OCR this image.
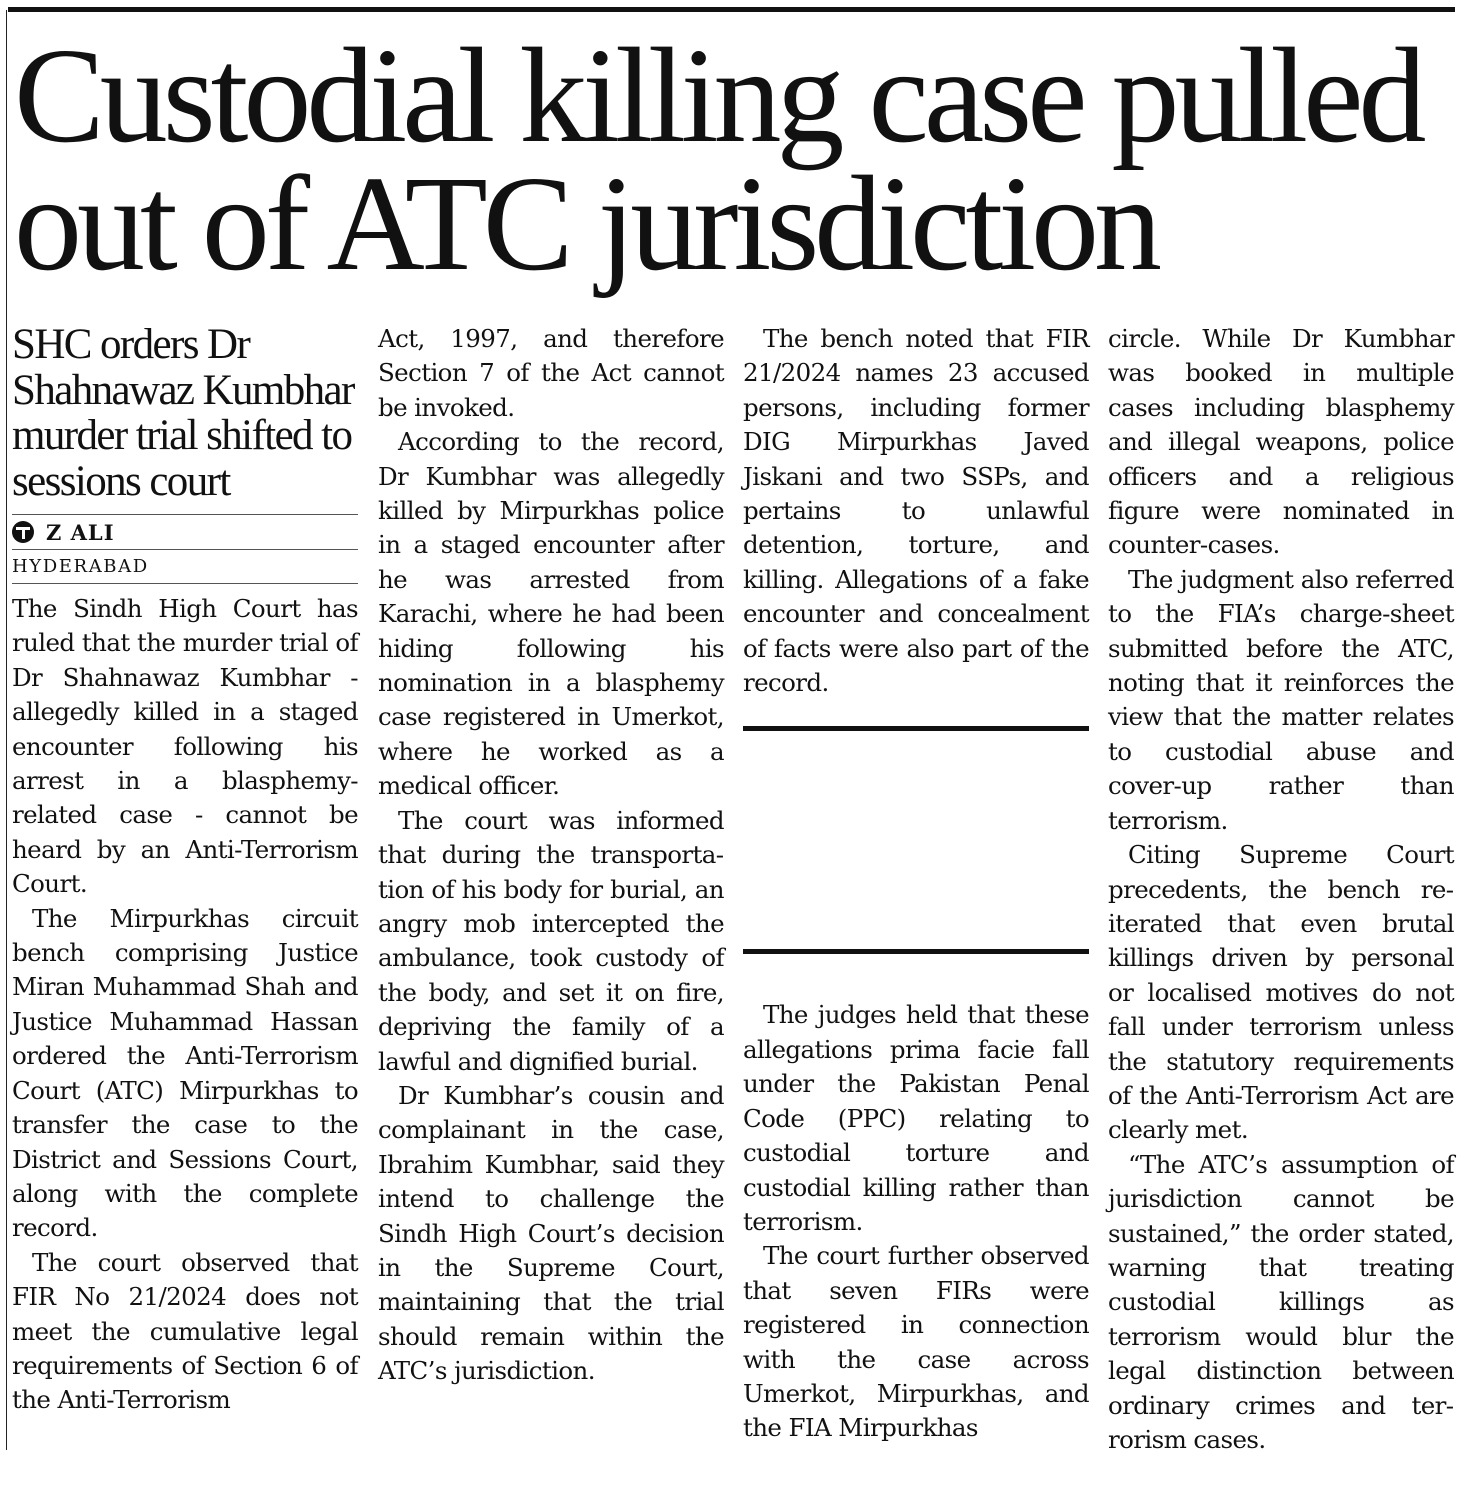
Custodial killing case pulled
out of ATC jurisdiction
SHC orders Dr Shahnawaz Kumbhar murder trial shifted to sessions court
Z ALI
HYDERABAD

The Sindh High Court has ruled that the murder trial of Dr Shahnawaz Kumbhar - allegedly killed in a staged encounter following his arrest in a blasphemy-related case - cannot be heard by an Anti-Terrorism Court.

The Mirpurkhas circuit bench comprising Justice Miran Muhammad Shah and Justice Muhammad Hassan ordered the Anti-Terrorism Court (ATC) Mirpurkhas to transfer the case to the District and Sessions Court, along with the complete record.

The court observed that FIR No 21/2024 does not meet the cumulative legal requirements of Section 6 of the Anti-Terrorism

Act, 1997, and therefore Section 7 of the Act cannot be invoked.

According to the record, Dr Kumbhar was allegedly killed by Mirpurkhas police in a staged encounter after he was arrested from Karachi, where he had been hiding following his nomination in a blasphemy case registered in Umerkot, where he worked as a medical officer.

The court was informed that during the transportation of his body for burial, an angry mob intercepted the ambulance, took custody of the body, and set it on fire, depriving the family of a lawful and dignified burial.

Dr Kumbhar’s cousin and complainant in the case, Ibrahim Kumbhar, said they intend to challenge the Sindh High Court’s decision in the Supreme Court, maintaining that the trial should remain within the ATC’s jurisdiction.

The bench noted that FIR 21/2024 names 23 accused persons, including former DIG Mirpurkhas Javed Jiskani and two SSPs, and pertains to unlawful detention, torture, and killing. Allegations of a fake encounter and concealment of facts were also part of the record.

The judges held that these allegations prima facie fall under the Pakistan Penal Code (PPC) relating to custodial torture and custodial killing rather than terrorism.

The court further observed that seven FIRs were registered in connection with the case across Umerkot, Mirpurkhas, and the FIA Mirpurkhas

circle. While Dr Kumbhar was booked in multiple cases including blasphemy and illegal weapons, police officers and a religious figure were nominated in counter-cases.

The judgment also referred to the FIA’s charge-sheet submitted before the ATC, noting that it reinforces the view that the matter relates to custodial abuse and cover-up rather than terrorism.

Citing Supreme Court precedents, the bench reiterated that even brutal killings driven by personal or localised motives do not fall under terrorism unless the statutory requirements of the Anti-Terrorism Act are clearly met.

“The ATC’s assumption of jurisdiction cannot be sustained,” the order stated, warning that treating custodial killings as terrorism would blur the legal distinction between ordinary crimes and terrorism cases.
